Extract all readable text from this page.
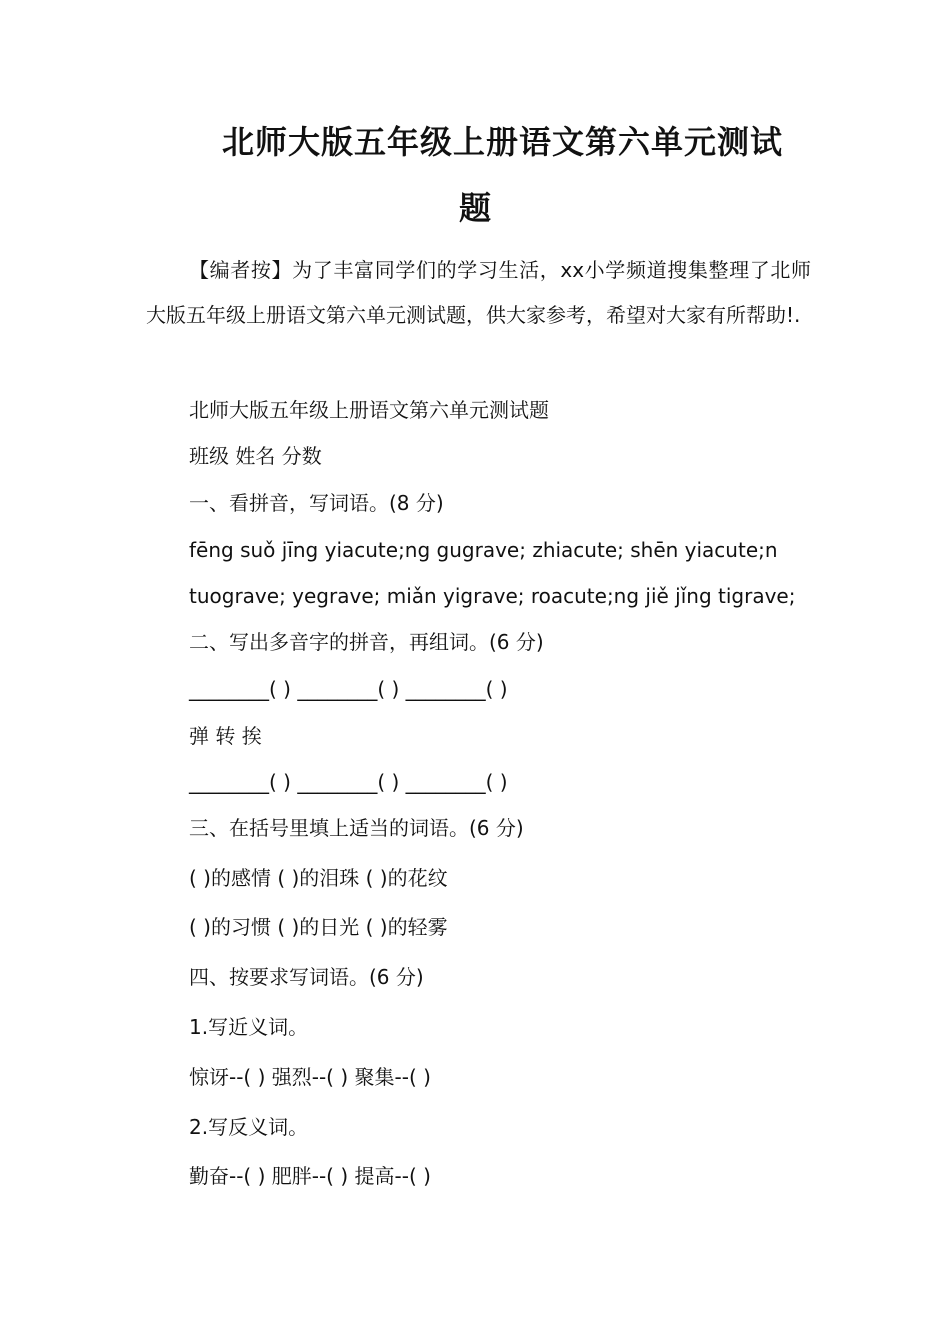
北师大版五年级上册语文第六单元测试
题
【编者按】为了丰富同学们的学习生活，xx小学频道搜集整理了北师大版五年级上册语文第六单元测试题，供大家参考，希望对大家有所帮助!.
北师大版五年级上册语文第六单元测试题
班级 姓名 分数
一、看拼音，写词语。(8 分)
fēng suǒ jīng yiacute;ng gugrave; zhiacute; shēn yiacute;n
tuograve; yegrave; miǎn yigrave; roacute;ng jiě jǐng tigrave;
二、写出多音字的拼音，再组词。(6 分)
________( ) ________( ) ________( )
弹 转 挨
________( ) ________( ) ________( )
三、在括号里填上适当的词语。(6 分)
( )的感情 ( )的泪珠 ( )的花纹
( )的习惯 ( )的日光 ( )的轻雾
四、按要求写词语。(6 分)
1.写近义词。
惊讶--( ) 强烈--( ) 聚集--( )
2.写反义词。
勤奋--( ) 肥胖--( ) 提高--( )
